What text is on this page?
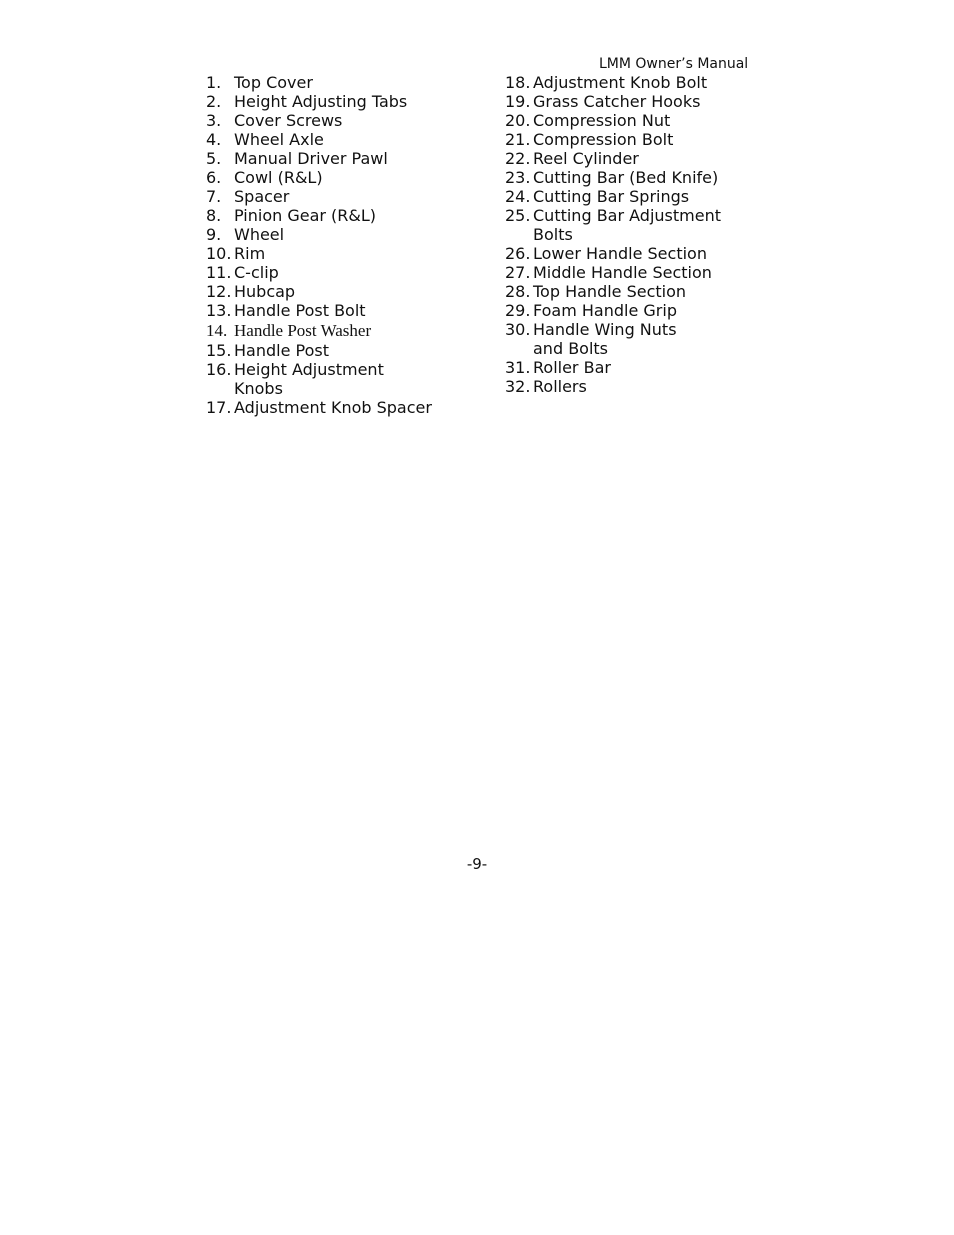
LMM Owner’s Manual
1. Top Cover
2. Height Adjusting Tabs
3. Cover Screws
4. Wheel Axle
5. Manual Driver Pawl
6. Cowl (R&L)
7. Spacer
8. Pinion Gear (R&L)
9. Wheel
10. Rim
11. C-clip
12. Hubcap
13. Handle Post Bolt
14. Handle Post Washer
15. Handle Post
16. Height Adjustment
Knobs
17. Adjustment Knob Spacer
18. Adjustment Knob Bolt
19. Grass Catcher Hooks
20. Compression Nut
21. Compression Bolt
22. Reel Cylinder
23. Cutting Bar (Bed Knife)
24. Cutting Bar Springs
25. Cutting Bar Adjustment
Bolts
26. Lower Handle Section
27. Middle Handle Section
28. Top Handle Section
29. Foam Handle Grip
30. Handle Wing Nuts
and Bolts
31. Roller Bar
32. Rollers
-9-
